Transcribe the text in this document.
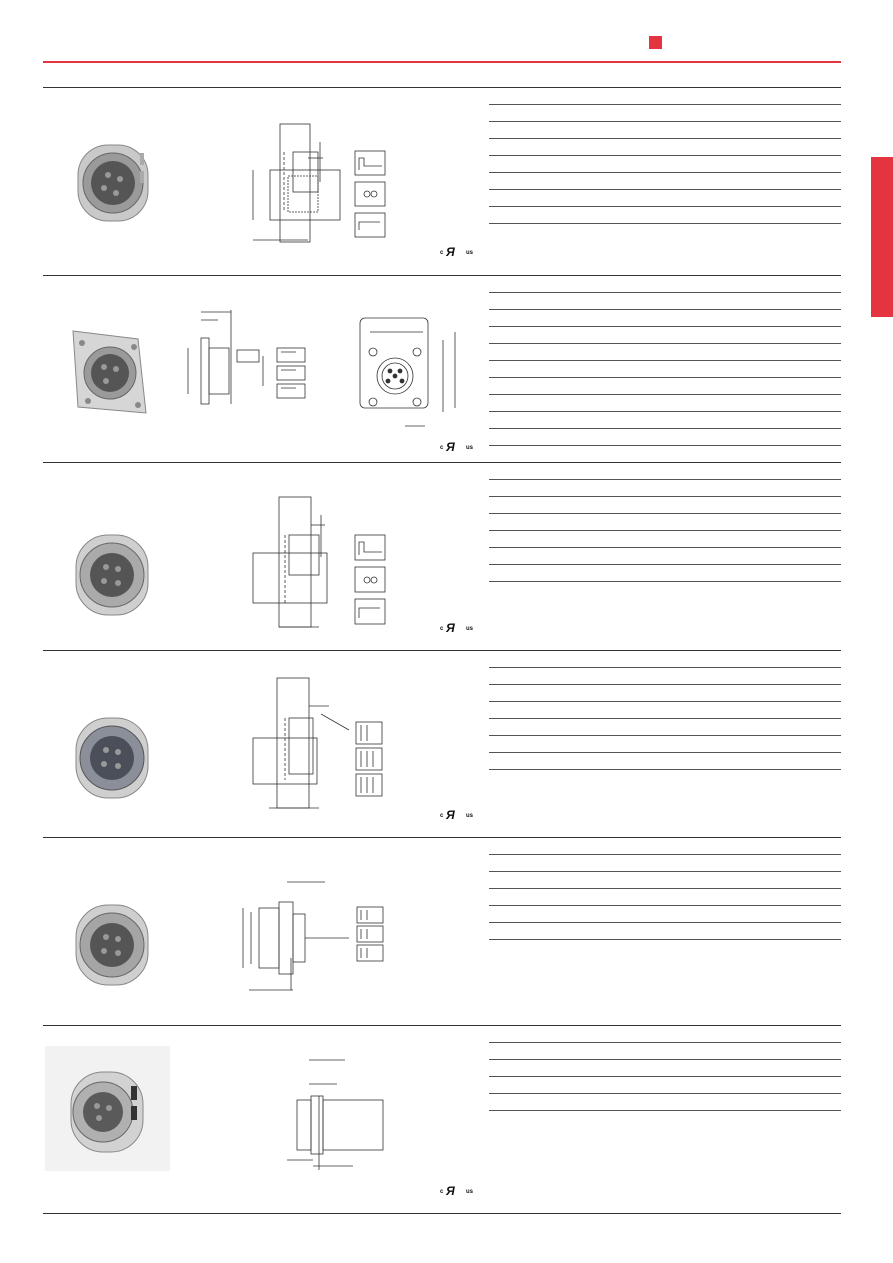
c Я us
c Я us
c Я us
c Я us
c Я us
